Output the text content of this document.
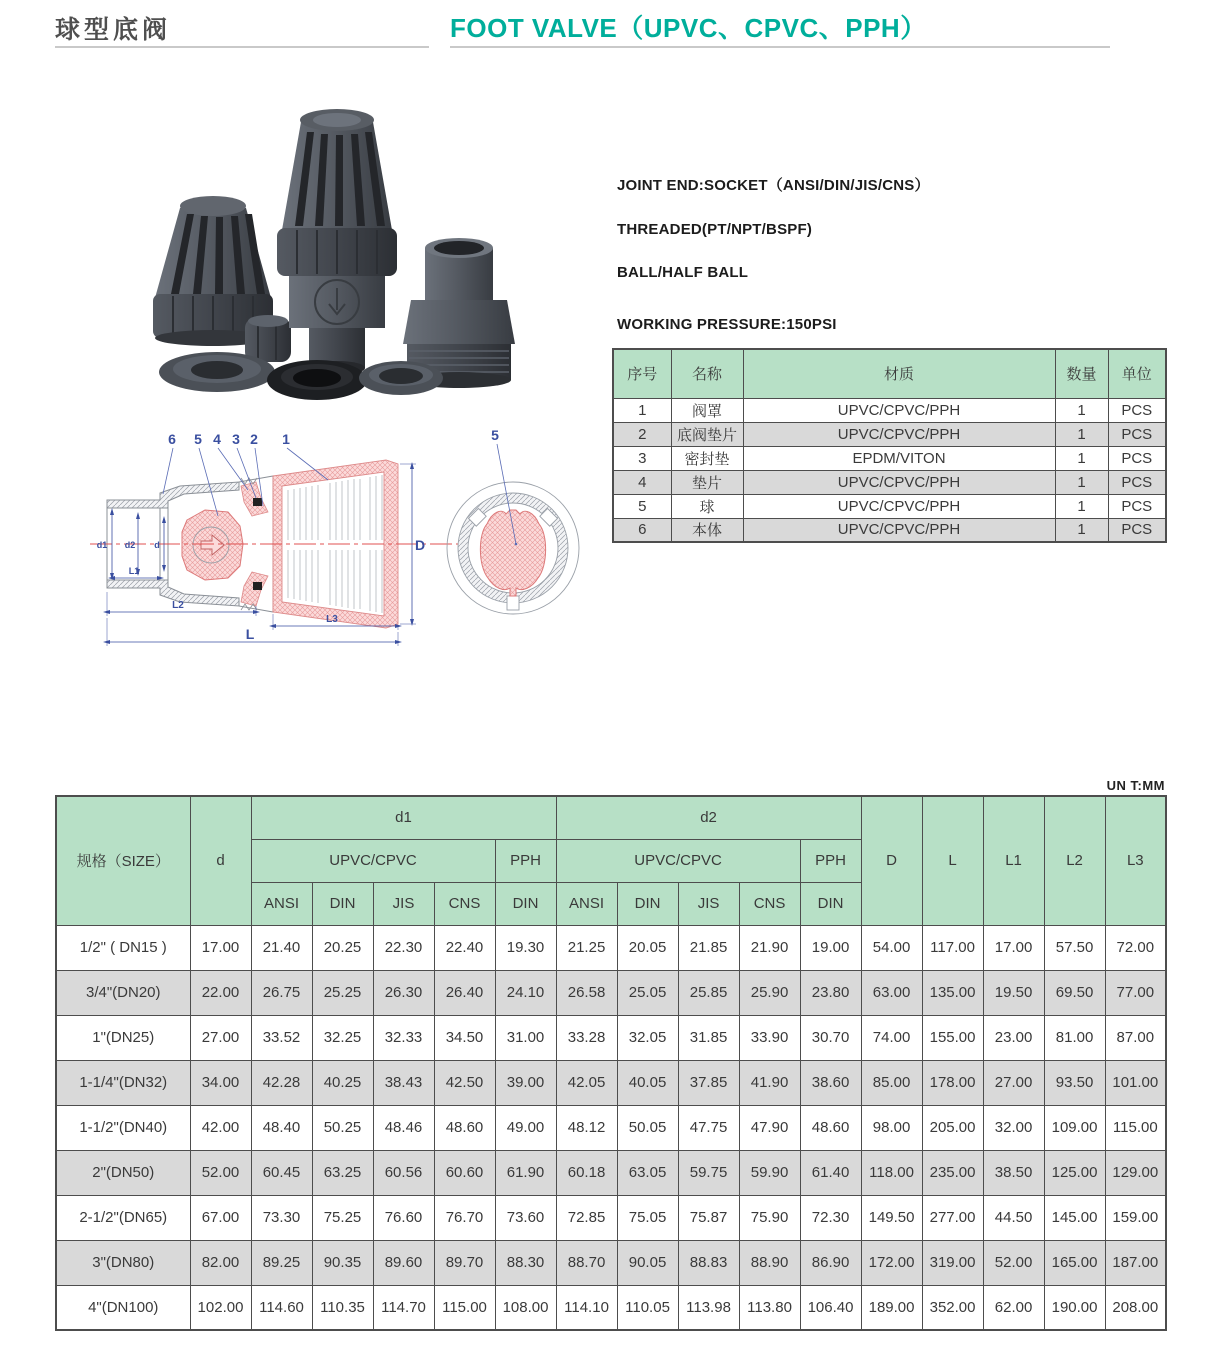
球型底阀	FOOT VALVE（UPVC、CPVC、PPH）

JOINT END:SOCKET（ANSI/DIN/JIS/CNS）

THREADED(PT/NPT/BSPF)

BALL/HALF BALL

WORKING PRESSURE:150PSI

序号	名称	材质	数量	单位
1	阀罩	UPVC/CPVC/PPH	1	PCS
2	底阀垫片	UPVC/CPVC/PPH	1	PCS
3	密封垫	EPDM/VITON	1	PCS
4	垫片	UPVC/CPVC/PPH	1	PCS
5	球	UPVC/CPVC/PPH	1	PCS
6	本体	UPVC/CPVC/PPH	1	PCS

d1 d2 d
L1
L2
L3
L
D
6 5 4 3 2 1	5
UN T:MM
规格（SIZE）	d	d1					d2					D	L	L1	L2	L3
		UPVC/CPVC				PPH	UPVC/CPVC				PPH					
		ANSI	DIN	JIS	CNS	DIN	ANSI	DIN	JIS	CNS	DIN					
1/2" ( DN15 )	17.00	21.40	20.25	22.30	22.40	19.30	21.25	20.05	21.85	21.90	19.00	54.00	117.00	17.00	57.50	72.00
3/4"(DN20)	22.00	26.75	25.25	26.30	26.40	24.10	26.58	25.05	25.85	25.90	23.80	63.00	135.00	19.50	69.50	77.00
1"(DN25)	27.00	33.52	32.25	32.33	34.50	31.00	33.28	32.05	31.85	33.90	30.70	74.00	155.00	23.00	81.00	87.00
1-1/4"(DN32)	34.00	42.28	40.25	38.43	42.50	39.00	42.05	40.05	37.85	41.90	38.60	85.00	178.00	27.00	93.50	101.00
1-1/2"(DN40)	42.00	48.40	50.25	48.46	48.60	49.00	48.12	50.05	47.75	47.90	48.60	98.00	205.00	32.00	109.00	115.00
2"(DN50)	52.00	60.45	63.25	60.56	60.60	61.90	60.18	63.05	59.75	59.90	61.40	118.00	235.00	38.50	125.00	129.00
2-1/2"(DN65)	67.00	73.30	75.25	76.60	76.70	73.60	72.85	75.05	75.87	75.90	72.30	149.50	277.00	44.50	145.00	159.00
3"(DN80)	82.00	89.25	90.35	89.60	89.70	88.30	88.70	90.05	88.83	88.90	86.90	172.00	319.00	52.00	165.00	187.00
4"(DN100)	102.00	114.60	110.35	114.70	115.00	108.00	114.10	110.05	113.98	113.80	106.40	189.00	352.00	62.00	190.00	208.00
